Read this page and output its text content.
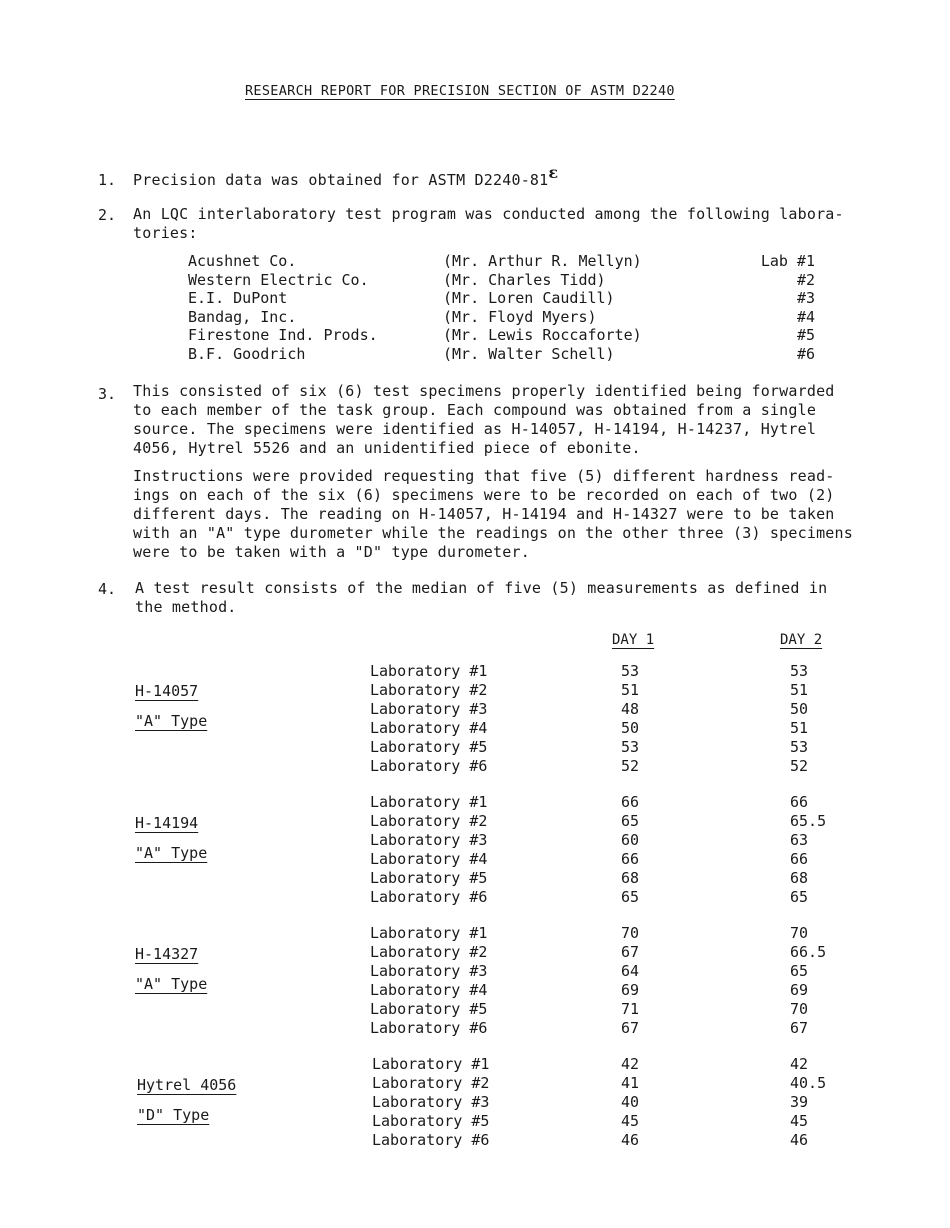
RESEARCH REPORT FOR PRECISION SECTION OF ASTM D2240
1. Precision data was obtained for ASTM D2240-81ε
2. An LQC interlaboratory test program was conducted among the following labora-
tories:
Acushnet Co.	(Mr. Arthur R. Mellyn)	Lab #1
Western Electric Co.	(Mr. Charles Tidd)	#2
E.I. DuPont	(Mr. Loren Caudill)	#3
Bandag, Inc.	(Mr. Floyd Myers)	#4
Firestone Ind. Prods.	(Mr. Lewis Roccaforte)	#5
B.F. Goodrich	(Mr. Walter Schell)	#6
3. This consisted of six (6) test specimens properly identified being forwarded
to each member of the task group. Each compound was obtained from a single
source. The specimens were identified as H-14057, H-14194, H-14237, Hytrel
4056, Hytrel 5526 and an unidentified piece of ebonite.
Instructions were provided requesting that five (5) different hardness read-
ings on each of the six (6) specimens were to be recorded on each of two (2)
different days. The reading on H-14057, H-14194 and H-14327 were to be taken
with an "A" type durometer while the readings on the other three (3) specimens
were to be taken with a "D" type durometer.
4. A test result consists of the median of five (5) measurements as defined in
the method.
DAY 1	DAY 2
H-14057
"A" Type
Laboratory #1	53	53
Laboratory #2	51	51
Laboratory #3	48	50
Laboratory #4	50	51
Laboratory #5	53	53
Laboratory #6	52	52
H-14194
"A" Type
Laboratory #1	66	66
Laboratory #2	65	65.5
Laboratory #3	60	63
Laboratory #4	66	66
Laboratory #5	68	68
Laboratory #6	65	65
H-14327
"A" Type
Laboratory #1	70	70
Laboratory #2	67	66.5
Laboratory #3	64	65
Laboratory #4	69	69
Laboratory #5	71	70
Laboratory #6	67	67
Hytrel 4056
"D" Type
Laboratory #1	42	42
Laboratory #2	41	40.5
Laboratory #3	40	39
Laboratory #5	45	45
Laboratory #6	46	46
